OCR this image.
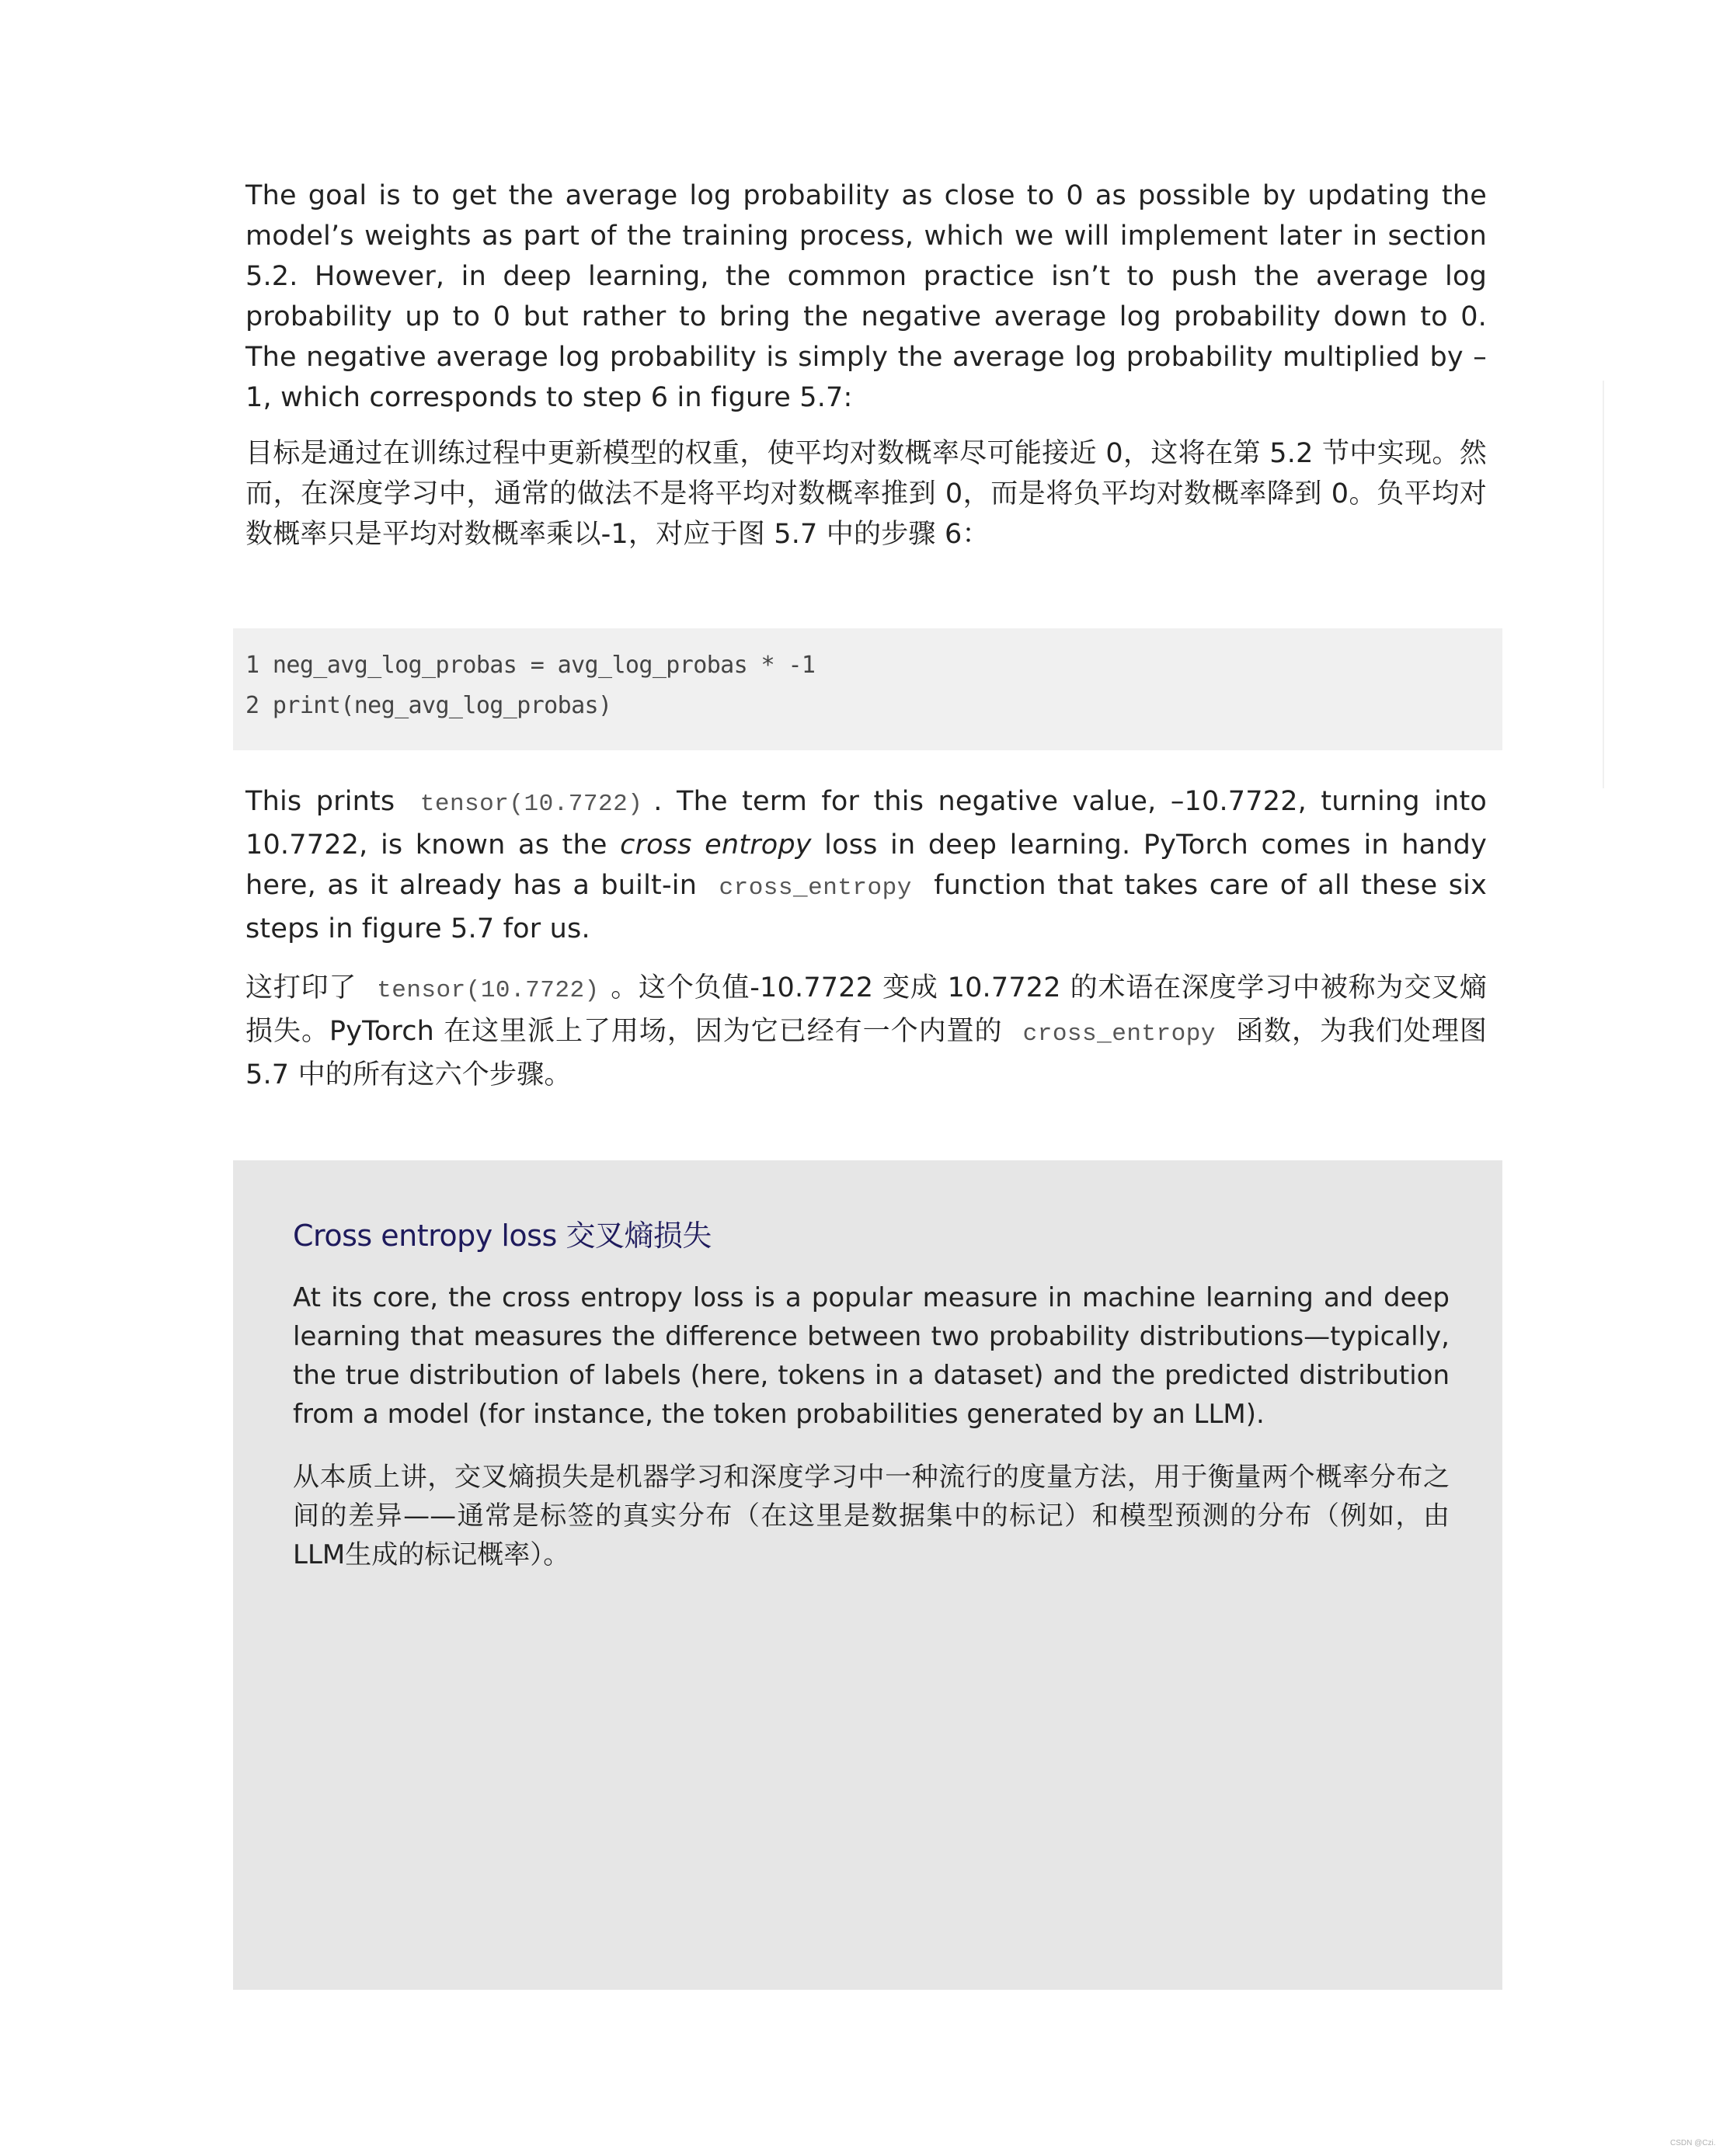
The goal is to get the average log probability as close to 0 as possible by updating the model’s weights as part of the training process, which we will implement later in section 5.2. However, in deep learning, the common practice isn’t to push the average log probability up to 0 but rather to bring the negative average log probability down to 0. The negative average log probability is simply the average log probability multiplied by –1, which corresponds to step 6 in figure 5.7:

目标是通过在训练过程中更新模型的权重，使平均对数概率尽可能接近 0，这将在第 5.2 节中实现。然而，在深度学习中，通常的做法不是将平均对数概率推到 0，而是将负平均对数概率降到 0。负平均对数概率只是平均对数概率乘以-1，对应于图 5.7 中的步骤 6：

1 neg_avg_log_probas = avg_log_probas * -1
2 print(neg_avg_log_probas)

This prints tensor(10.7722) . The term for this negative value, –10.7722, turning into 10.7722, is known as the cross entropy loss in deep learning. PyTorch comes in handy here, as it already has a built-in cross_entropy function that takes care of all these six steps in figure 5.7 for us.

这打印了 tensor(10.7722) 。这个负值-10.7722 变成 10.7722 的术语在深度学习中被称为交叉熵损失。PyTorch 在这里派上了用场，因为它已经有一个内置的 cross_entropy 函数，为我们处理图 5.7 中的所有这六个步骤。

Cross entropy loss 交叉熵损失

At its core, the cross entropy loss is a popular measure in machine learning and deep learning that measures the difference between two probability distributions—typically, the true distribution of labels (here, tokens in a dataset) and the predicted distribution from a model (for instance, the token probabilities generated by an LLM).

从本质上讲，交叉熵损失是机器学习和深度学习中一种流行的度量方法，用于衡量两个概率分布之间的差异——通常是标签的真实分布（在这里是数据集中的标记）和模型预测的分布（例如，由LLM生成的标记概率）。

CSDN @Czi.
